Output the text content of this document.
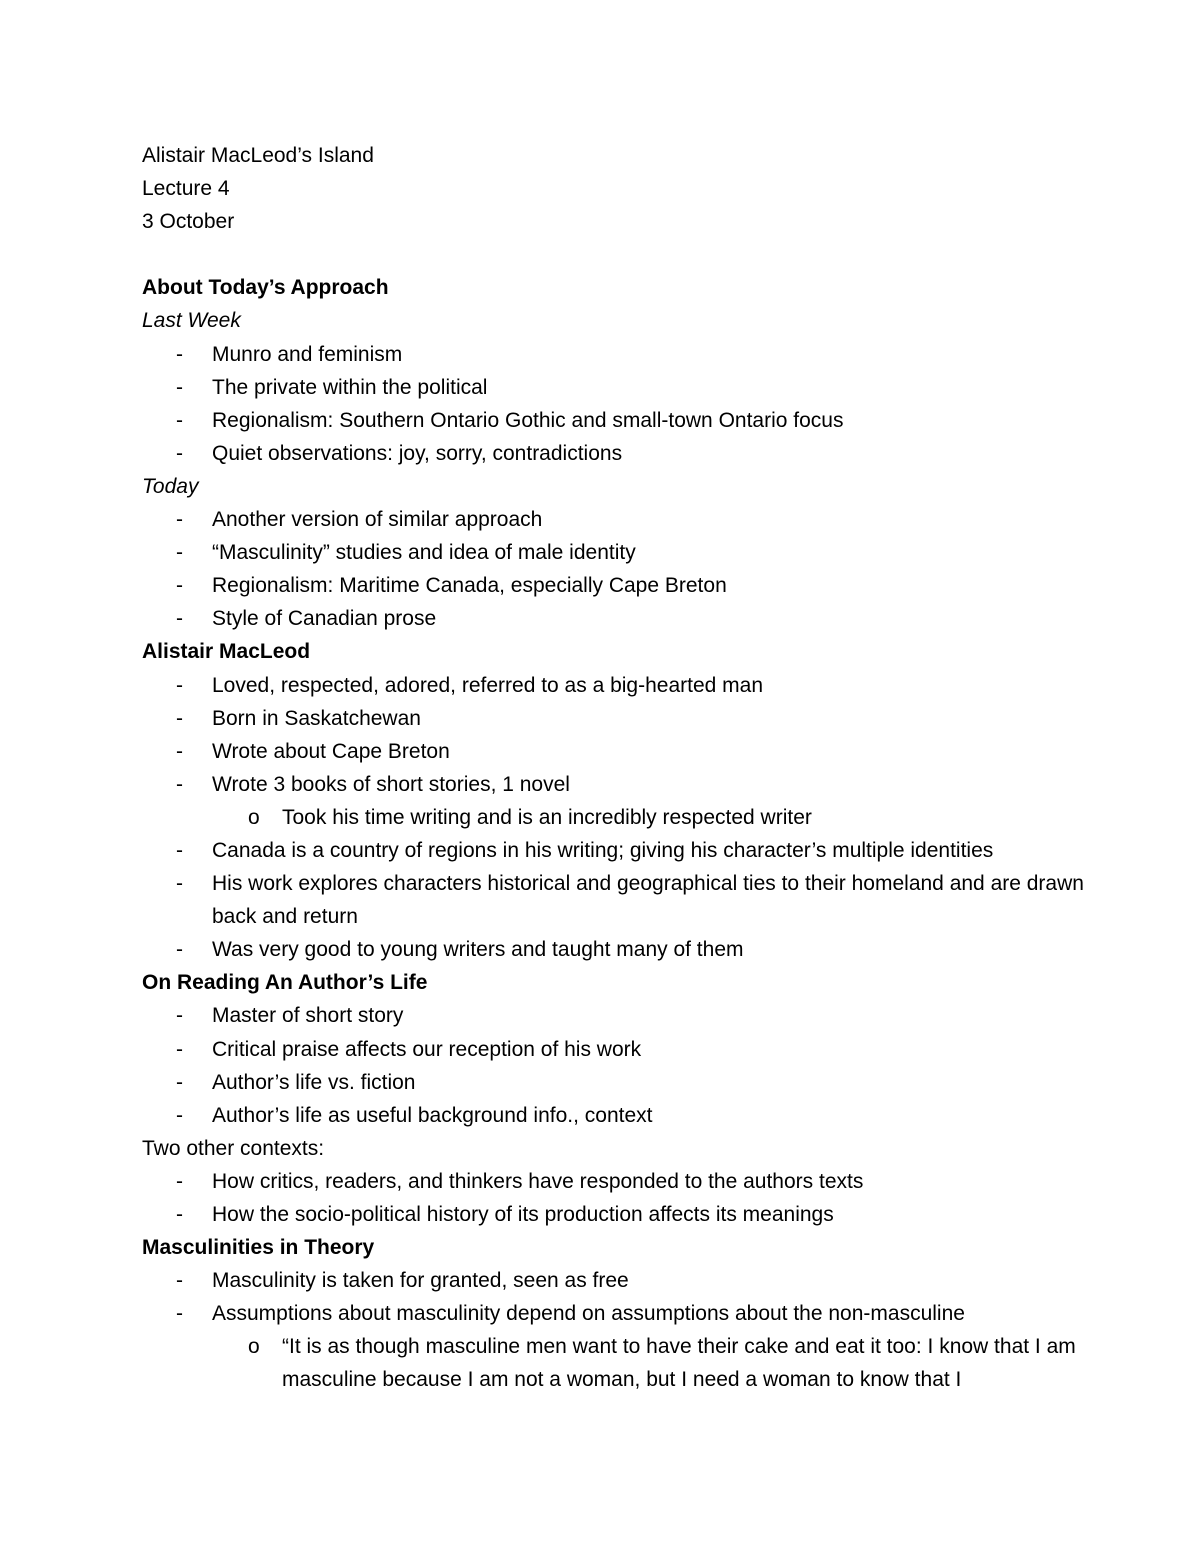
Alistair MacLeod’s Island
Lecture 4
3 October
About Today’s Approach
Last Week
- Munro and feminism
- The private within the political
- Regionalism: Southern Ontario Gothic and small-town Ontario focus
- Quiet observations: joy, sorry, contradictions
Today
- Another version of similar approach
- “Masculinity” studies and idea of male identity
- Regionalism: Maritime Canada, especially Cape Breton
- Style of Canadian prose
Alistair MacLeod
- Loved, respected, adored, referred to as a big-hearted man
- Born in Saskatchewan
- Wrote about Cape Breton
- Wrote 3 books of short stories, 1 novel
o Took his time writing and is an incredibly respected writer
- Canada is a country of regions in his writing; giving his character’s multiple identities
- His work explores characters historical and geographical ties to their homeland and are drawn back and return
- Was very good to young writers and taught many of them
On Reading An Author’s Life
- Master of short story
- Critical praise affects our reception of his work
- Author’s life vs. fiction
- Author’s life as useful background info., context
Two other contexts:
- How critics, readers, and thinkers have responded to the authors texts
- How the socio-political history of its production affects its meanings
Masculinities in Theory
- Masculinity is taken for granted, seen as free
- Assumptions about masculinity depend on assumptions about the non-masculine
o “It is as though masculine men want to have their cake and eat it too: I know that I am masculine because I am not a woman, but I need a woman to know that I
